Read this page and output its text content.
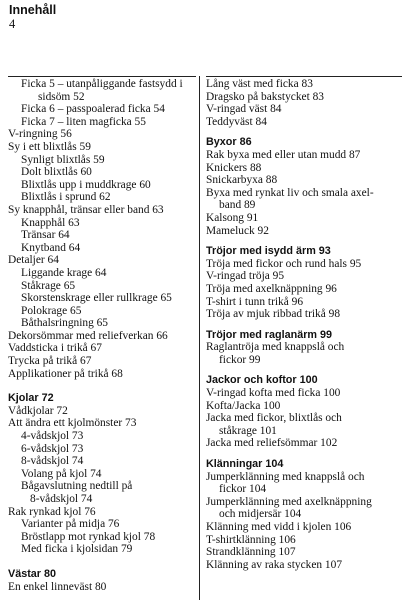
Innehåll
4
Ficka 5 – utanpåliggande fastsydd i
sidsöm 52
Ficka 6 – passpoalerad ficka 54
Ficka 7 – liten magficka 55
V-ringning 56
Sy i ett blixtlås 59
Synligt blixtlås 59
Dolt blixtlås 60
Blixtlås upp i muddkrage 60
Blixtlås i sprund 62
Sy knapphål, tränsar eller band 63
Knapphål 63
Tränsar 64
Knytband 64
Detaljer 64
Liggande krage 64
Ståkrage 65
Skorstenskrage eller rullkrage 65
Polokrage 65
Båthalsringning 65
Dekorsömmar med reliefverkan 66
Vaddsticka i trikå 67
Trycka på trikå 67
Applikationer på trikå 68
Kjolar 72
Vådkjolar 72
Att ändra ett kjolmönster 73
4-vådskjol 73
6-vådskjol 73
8-vådskjol 74
Volang på kjol 74
Bågavslutning nedtill på
8-vådskjol 74
Rak rynkad kjol 76
Varianter på midja 76
Bröstlapp mot rynkad kjol 78
Med ficka i kjolsidan 79
Västar 80
En enkel linneväst 80
Lång väst med ficka 83
Dragsko på bakstycket 83
V-ringad väst 84
Teddyväst 84
Byxor 86
Rak byxa med eller utan mudd 87
Knickers 88
Snickarbyxa 88
Byxa med rynkat liv och smala axel-
band 89
Kalsong 91
Mameluck 92
Tröjor med isydd ärm 93
Tröja med fickor och rund hals 95
V-ringad tröja 95
Tröja med axelknäppning 96
T-shirt i tunn trikå 96
Tröja av mjuk ribbad trikå 98
Tröjor med raglanärm 99
Raglantröja med knappslå och
fickor 99
Jackor och koftor 100
V-ringad kofta med ficka 100
Kofta/Jacka 100
Jacka med fickor, blixtlås och
ståkrage 101
Jacka med reliefsömmar 102
Klänningar 104
Jumperklänning med knappslå och
fickor 104
Jumperklänning med axelknäppning
och midjersär 104
Klänning med vidd i kjolen 106
T-shirtklänning 106
Strandklänning 107
Klänning av raka stycken 107
